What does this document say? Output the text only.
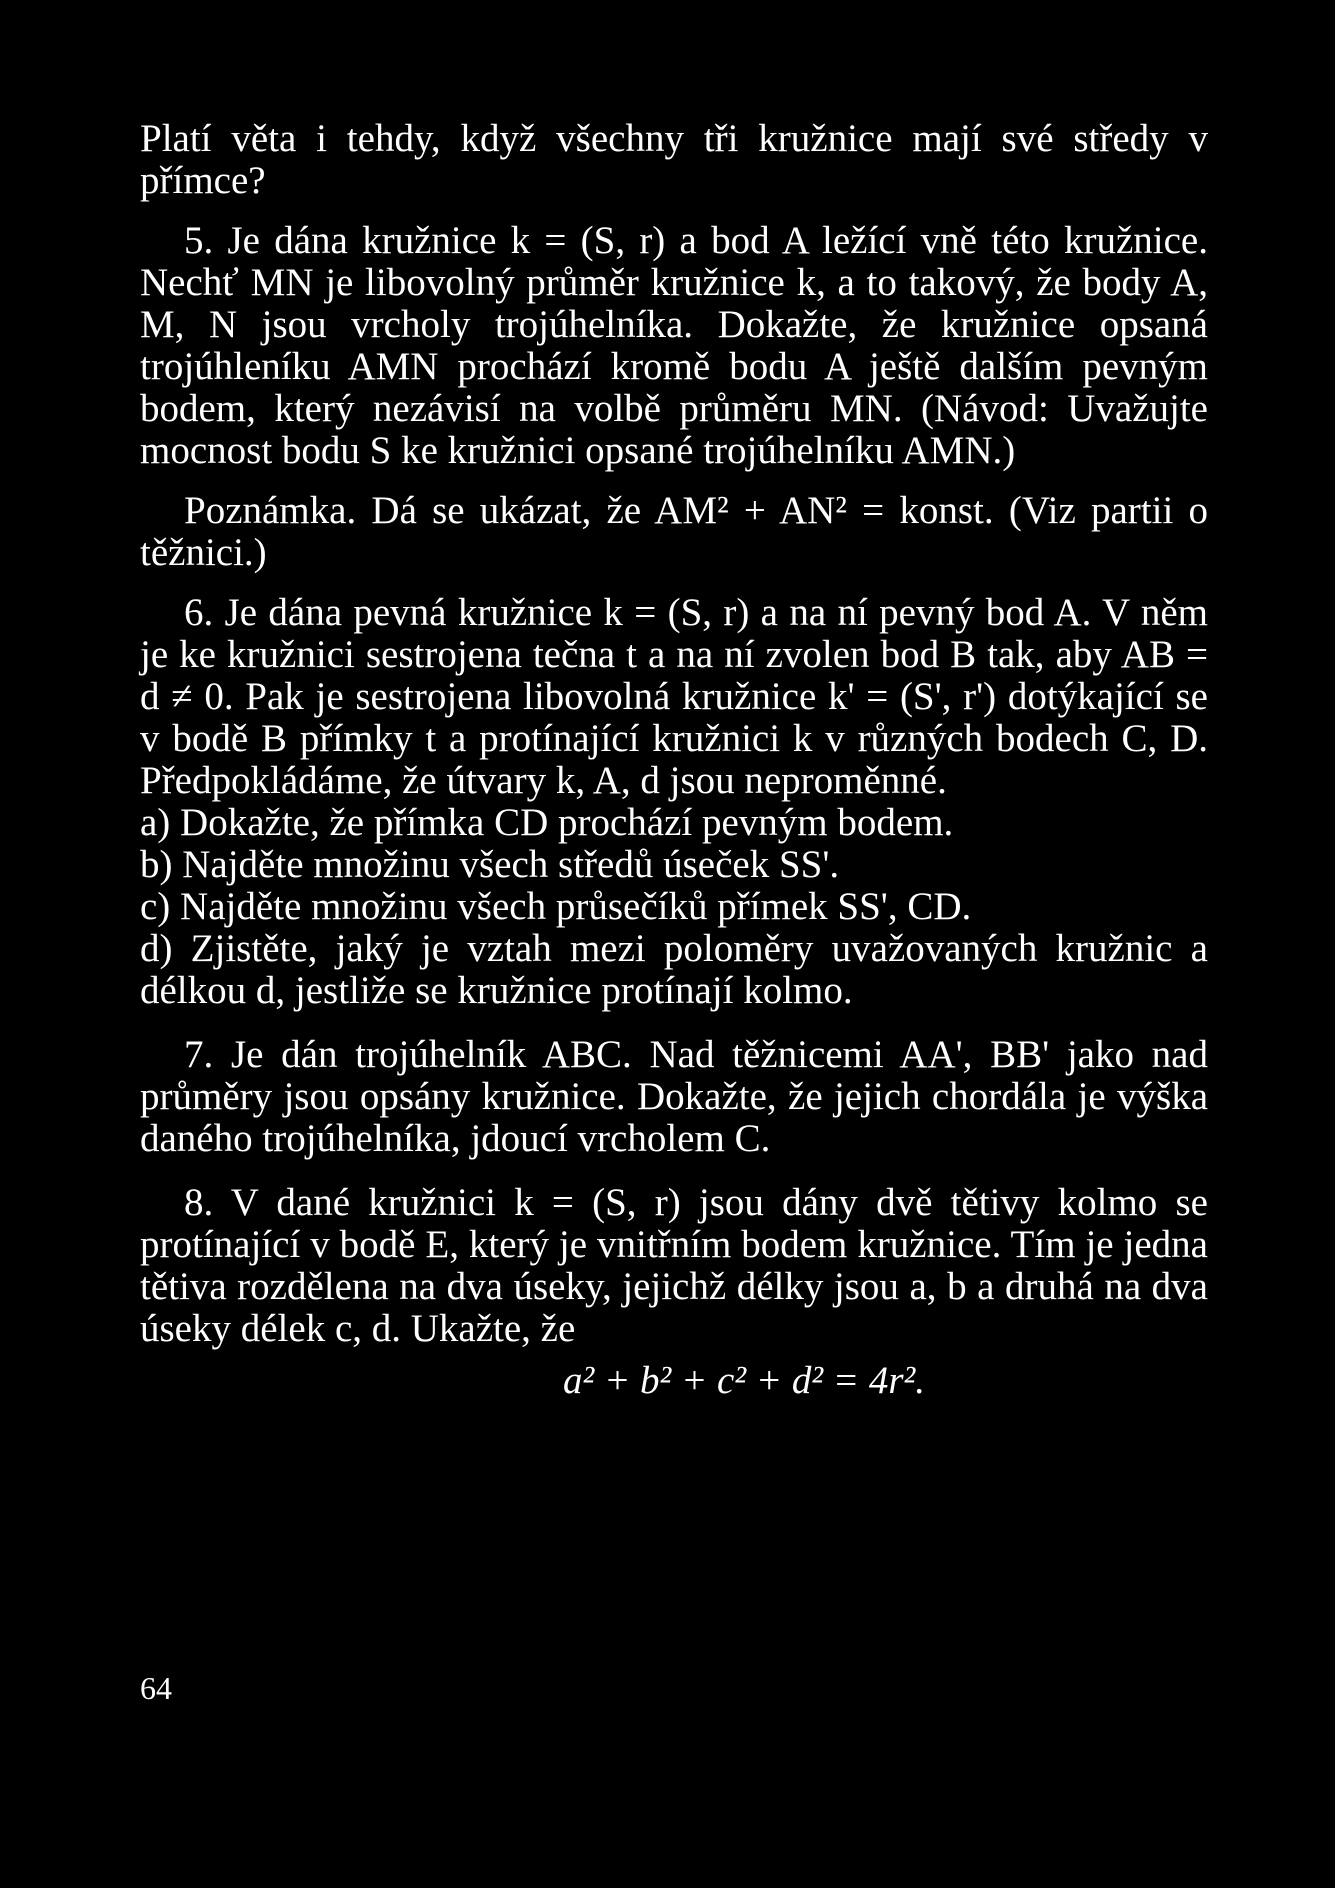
Platí věta i tehdy, když všechny tři kružnice mají své středy v přímce?

5. Je dána kružnice k = (S, r) a bod A ležící vně této kružnice. Nechť MN je libovolný průměr kružnice k, a to takový, že body A, M, N jsou vrcholy trojúhelníka. Dokažte, že kružnice opsaná trojúhleníku AMN prochází kromě bodu A ještě dalším pevným bodem, který nezávisí na volbě průměru MN. (Návod: Uvažujte mocnost bodu S ke kružnici opsané trojúhelníku AMN.)

Poznámka. Dá se ukázat, že AM² + AN² = konst. (Viz partii o těžnici.)

6. Je dána pevná kružnice k = (S, r) a na ní pevný bod A. V něm je ke kružnici sestrojena tečna t a na ní zvolen bod B tak, aby AB = d ≠ 0. Pak je sestrojena libovolná kružnice k' = (S', r') dotýkající se v bodě B přímky t a protínající kružnici k v různých bodech C, D. Předpokládáme, že útvary k, A, d jsou neproměnné.

a) Dokažte, že přímka CD prochází pevným bodem.

b) Najděte množinu všech středů úseček SS'.

c) Najděte množinu všech průsečíků přímek SS', CD.

d) Zjistěte, jaký je vztah mezi poloměry uvažovaných kružnic a délkou d, jestliže se kružnice protínají kolmo.

7. Je dán trojúhelník ABC. Nad těžnicemi AA', BB' jako nad průměry jsou opsány kružnice. Dokažte, že jejich chordála je výška daného trojúhelníka, jdoucí vrcholem C.

8. V dané kružnici k = (S, r) jsou dány dvě tětivy kolmo se protínající v bodě E, který je vnitřním bodem kružnice. Tím je jedna tětiva rozdělena na dva úseky, jejichž délky jsou a, b a druhá na dva úseky délek c, d. Ukažte, že

a² + b² + c² + d² = 4r².

64
